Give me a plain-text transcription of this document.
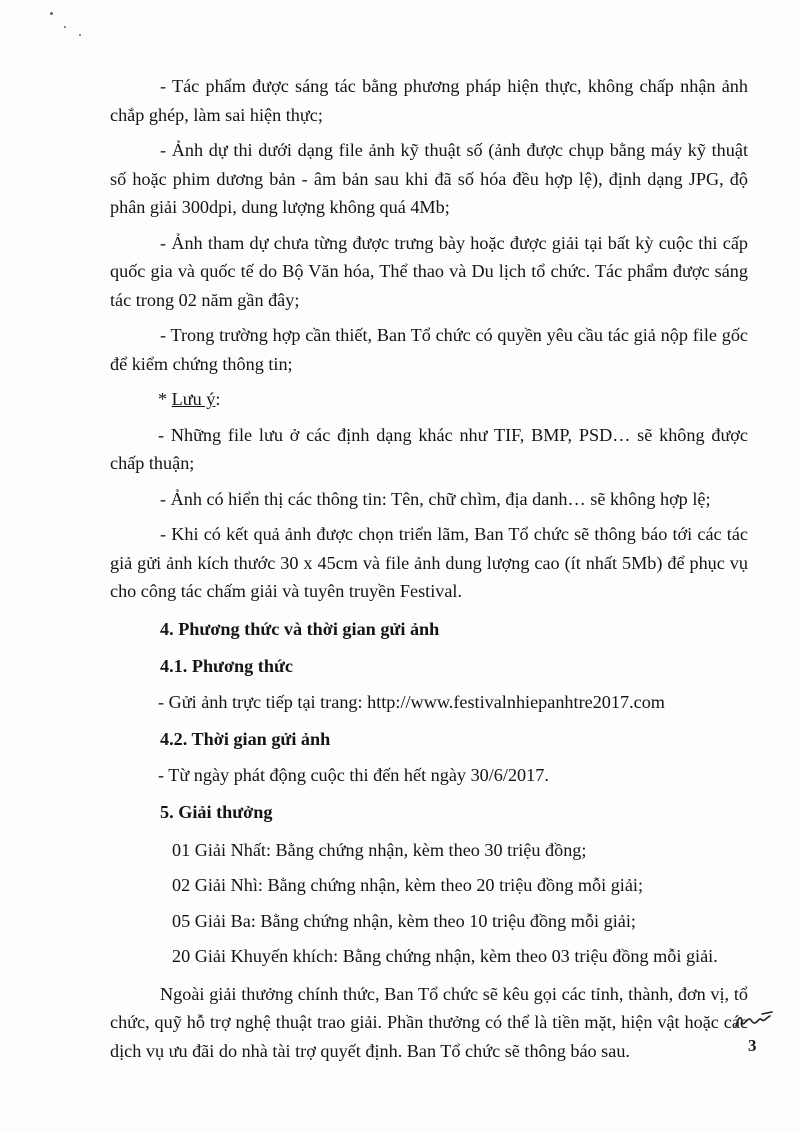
- Tác phẩm được sáng tác bằng phương pháp hiện thực, không chấp nhận ảnh chắp ghép, làm sai hiện thực;

- Ảnh dự thi dưới dạng file ảnh kỹ thuật số (ảnh được chụp bằng máy kỹ thuật số hoặc phim dương bản - âm bản sau khi đã số hóa đều hợp lệ), định dạng JPG, độ phân giải 300dpi, dung lượng không quá 4Mb;

- Ảnh tham dự chưa từng được trưng bày hoặc được giải tại bất kỳ cuộc thi cấp quốc gia và quốc tế do Bộ Văn hóa, Thể thao và Du lịch tổ chức. Tác phẩm được sáng tác trong 02 năm gần đây;

- Trong trường hợp cần thiết, Ban Tổ chức có quyền yêu cầu tác giả nộp file gốc để kiểm chứng thông tin;

* Lưu ý:

- Những file lưu ở các định dạng khác như TIF, BMP, PSD… sẽ không được chấp thuận;

- Ảnh có hiển thị các thông tin: Tên, chữ chìm, địa danh… sẽ không hợp lệ;

- Khi có kết quả ảnh được chọn triển lãm, Ban Tổ chức sẽ thông báo tới các tác giả gửi ảnh kích thước 30 x 45cm và file ảnh dung lượng cao (ít nhất 5Mb) để phục vụ cho công tác chấm giải và tuyên truyền Festival.

4. Phương thức và thời gian gửi ảnh

4.1. Phương thức

- Gửi ảnh trực tiếp tại trang: http://www.festivalnhiepanhtre2017.com

4.2. Thời gian gửi ảnh

- Từ ngày phát động cuộc thi đến hết ngày 30/6/2017.

5. Giải thưởng

01 Giải Nhất: Bằng chứng nhận, kèm theo 30 triệu đồng;

02 Giải Nhì: Bằng chứng nhận, kèm theo 20 triệu đồng mỗi giải;

05 Giải Ba: Bằng chứng nhận, kèm theo 10 triệu đồng mỗi giải;

20 Giải Khuyến khích: Bằng chứng nhận, kèm theo 03 triệu đồng mỗi giải.

Ngoài giải thưởng chính thức, Ban Tổ chức sẽ kêu gọi các tỉnh, thành, đơn vị, tổ chức, quỹ hỗ trợ nghệ thuật trao giải. Phần thưởng có thể là tiền mặt, hiện vật hoặc các dịch vụ ưu đãi do nhà tài trợ quyết định. Ban Tổ chức sẽ thông báo sau.	3
